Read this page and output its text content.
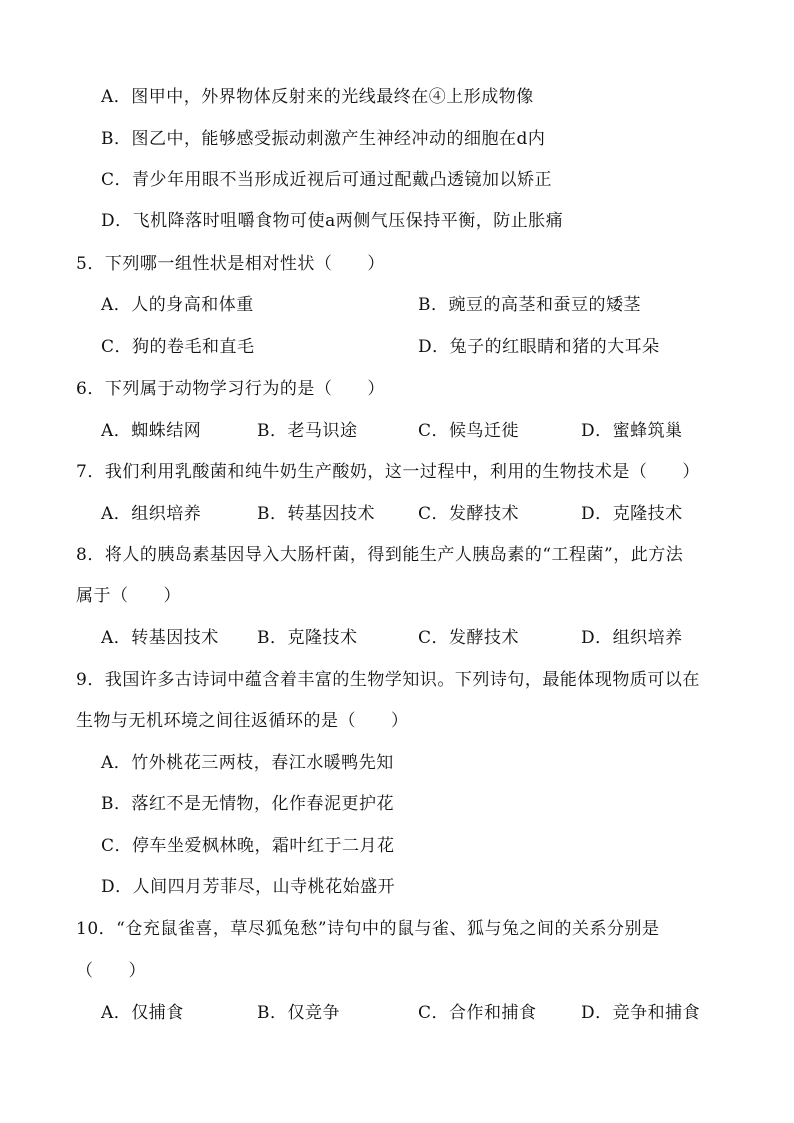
A．图甲中，外界物体反射来的光线最终在④上形成物像
B．图乙中，能够感受振动刺激产生神经冲动的细胞在d内
C．青少年用眼不当形成近视后可通过配戴凸透镜加以矫正
D．飞机降落时咀嚼食物可使a两侧气压保持平衡，防止胀痛
5．下列哪一组性状是相对性状（　　）
A．人的身高和体重	B．豌豆的高茎和蚕豆的矮茎
C．狗的卷毛和直毛	D．兔子的红眼睛和猪的大耳朵
6．下列属于动物学习行为的是（　　）
A．蜘蛛结网	B．老马识途	C．候鸟迁徙	D．蜜蜂筑巢
7．我们利用乳酸菌和纯牛奶生产酸奶，这一过程中，利用的生物技术是（　　）
A．组织培养	B．转基因技术	C．发酵技术	D．克隆技术
8．将人的胰岛素基因导入大肠杆菌，得到能生产人胰岛素的“工程菌”，此方法
属于（　　）
A．转基因技术 B．克隆技术	C．发酵技术	D．组织培养
9．我国许多古诗词中蕴含着丰富的生物学知识。下列诗句，最能体现物质可以在
生物与无机环境之间往返循环的是（　　）
A．竹外桃花三两枝，春江水暖鸭先知
B．落红不是无情物，化作春泥更护花
C．停车坐爱枫林晚，霜叶红于二月花
D．人间四月芳菲尽，山寺桃花始盛开
10．“仓充鼠雀喜，草尽狐兔愁”诗句中的鼠与雀、狐与兔之间的关系分别是
（　　）
A．仅捕食	B．仅竞争	C．合作和捕食	D．竞争和捕食
